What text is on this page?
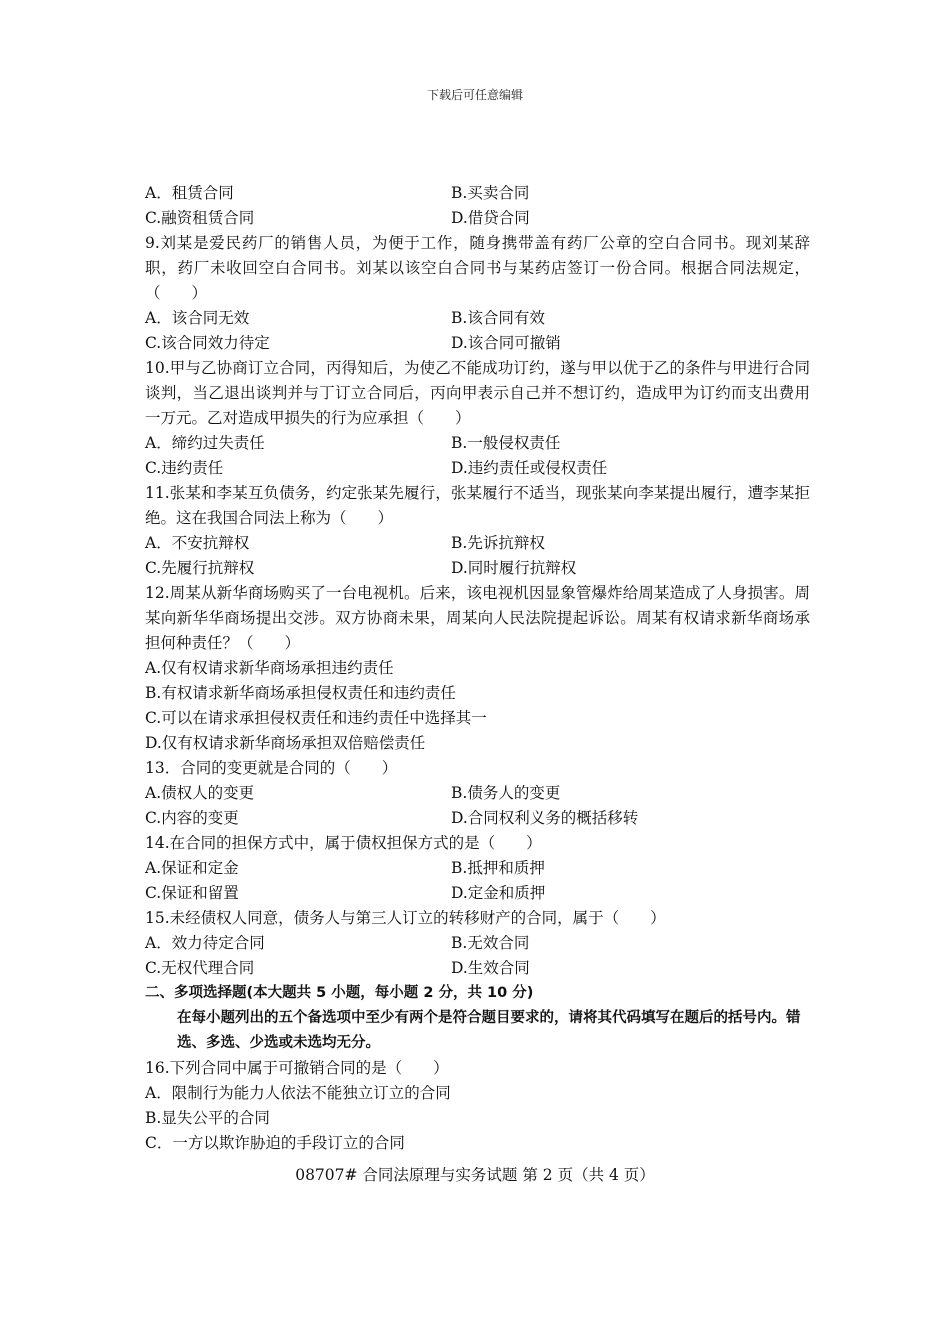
下载后可任意编辑
A．租赁合同	B.买卖合同
C.融资租赁合同	D.借贷合同
9.刘某是爱民药厂的销售人员，为便于工作，随身携带盖有药厂公章的空白合同书。现刘某辞职，药厂未收回空白合同书。刘某以该空白合同书与某药店签订一份合同。根据合同法规定，（　　）
A．该合同无效	B.该合同有效
C.该合同效力待定	D.该合同可撤销
10.甲与乙协商订立合同，丙得知后，为使乙不能成功订约，遂与甲以优于乙的条件与甲进行合同谈判，当乙退出谈判并与丁订立合同后，丙向甲表示自己并不想订约，造成甲为订约而支出费用一万元。乙对造成甲损失的行为应承担（　　）
A．缔约过失责任	B.一般侵权责任
C.违约责任	D.违约责任或侵权责任
11.张某和李某互负债务，约定张某先履行，张某履行不适当，现张某向李某提出履行，遭李某拒绝。这在我国合同法上称为（　　）
A．不安抗辩权	B.先诉抗辩权
C.先履行抗辩权	D.同时履行抗辩权
12.周某从新华商场购买了一台电视机。后来，该电视机因显象管爆炸给周某造成了人身损害。周某向新华华商场提出交涉。双方协商未果，周某向人民法院提起诉讼。周某有权请求新华商场承担何种责任？（　　）
A.仅有权请求新华商场承担违约责任
B.有权请求新华商场承担侵权责任和违约责任
C.可以在请求承担侵权责任和违约责任中选择其一
D.仅有权请求新华商场承担双倍赔偿责任
13．合同的变更就是合同的（　　）
A.债权人的变更	B.债务人的变更
C.内容的变更	D.合同权利义务的概括移转
14.在合同的担保方式中，属于债权担保方式的是（　　）
A.保证和定金	B.抵押和质押
C.保证和留置	D.定金和质押
15.未经债权人同意，债务人与第三人订立的转移财产的合同，属于（　　）
A．效力待定合同	B.无效合同
C.无权代理合同	D.生效合同
二、多项选择题(本大题共 5 小题，每小题 2 分，共 10 分)
在每小题列出的五个备选项中至少有两个是符合题目要求的，请将其代码填写在题后的括号内。错选、多选、少选或未选均无分。
16.下列合同中属于可撤销合同的是（　　）
A．限制行为能力人依法不能独立订立的合同
B.显失公平的合同
C．一方以欺诈胁迫的手段订立的合同
08707# 合同法原理与实务试题 第 2 页（共 4 页）
